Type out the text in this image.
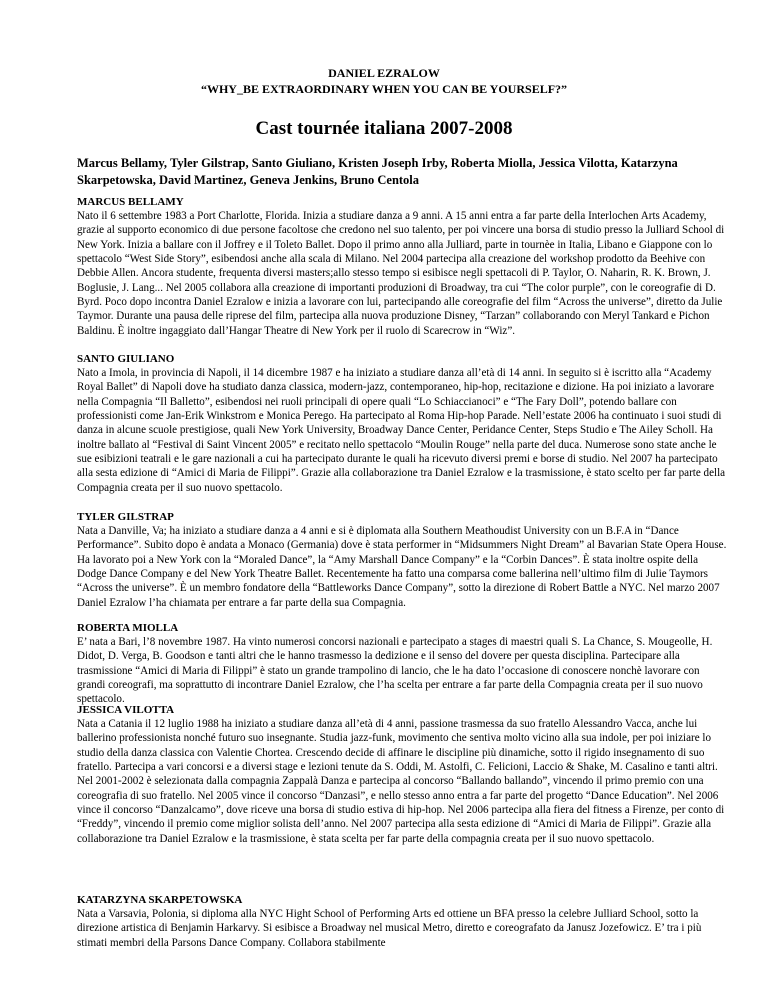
DANIEL EZRALOW
“WHY_BE EXTRAORDINARY WHEN YOU CAN BE YOURSELF?”
Cast tournée italiana 2007-2008
Marcus Bellamy, Tyler Gilstrap, Santo Giuliano, Kristen Joseph Irby, Roberta Miolla, Jessica Vilotta, Katarzyna Skarpetowska, David Martinez, Geneva Jenkins, Bruno Centola
MARCUS BELLAMY

Nato il 6 settembre 1983 a Port Charlotte, Florida. Inizia a studiare danza a 9 anni. A 15 anni entra a far parte della Interlochen Arts Academy, grazie al supporto economico di due persone facoltose che credono nel suo talento, per poi vincere una borsa di studio presso la Julliard School di New York. Inizia a ballare con il Joffrey e il Toleto Ballet. Dopo il primo anno alla Julliard, parte in tournèe in Italia, Libano e Giappone con lo spettacolo “West Side Story”, esibendosi anche alla scala di Milano. Nel 2004 partecipa alla creazione del workshop prodotto da Beehive con Debbie Allen. Ancora studente, frequenta diversi masters;allo stesso tempo si esibisce negli spettacoli di P. Taylor, O. Naharin, R. K. Brown, J. Boglusie, J. Lang... Nel 2005 collabora alla creazione di importanti produzioni di Broadway, tra cui “The color purple”, con le coreografie di D. Byrd. Poco dopo incontra Daniel Ezralow e inizia a lavorare con lui, partecipando alle coreografie del film “Across the universe”, diretto da Julie Taymor. Durante una pausa delle riprese del film, partecipa alla nuova produzione Disney, “Tarzan” collaborando con Meryl Tankard e Pichon Baldinu. È inoltre ingaggiato dall’Hangar Theatre di New York per il ruolo di Scarecrow in “Wiz”.

SANTO GIULIANO

Nato a Imola, in provincia di Napoli, il 14 dicembre 1987 e ha iniziato a studiare danza all’età di 14 anni. In seguito si è iscritto alla “Academy Royal Ballet” di Napoli dove ha studiato danza classica, modern-jazz, contemporaneo, hip-hop, recitazione e dizione. Ha poi iniziato a lavorare nella Compagnia “Il Balletto”, esibendosi nei ruoli principali di opere quali “Lo Schiaccianoci” e “The Fary Doll”, potendo ballare con professionisti come Jan-Erik Winkstrom e Monica Perego. Ha partecipato al Roma Hip-hop Parade. Nell’estate 2006 ha continuato i suoi studi di danza in alcune scuole prestigiose, quali New York University, Broadway Dance Center, Peridance Center, Steps Studio e The Ailey Scholl. Ha inoltre ballato al “Festival di Saint Vincent 2005” e recitato nello spettacolo “Moulin Rouge” nella parte del duca. Numerose sono state anche le sue esibizioni teatrali e le gare nazionali a cui ha partecipato durante le quali ha ricevuto diversi premi e borse di studio. Nel 2007 ha partecipato alla sesta edizione di “Amici di Maria de Filippi”. Grazie alla collaborazione tra Daniel Ezralow e la trasmissione, è stato scelto per far parte della Compagnia creata per il suo nuovo spettacolo.

TYLER GILSTRAP

Nata a Danville, Va; ha iniziato a studiare danza a 4 anni e si è diplomata alla Southern Meathoudist University con un B.F.A in “Dance Performance”. Subito dopo è andata a Monaco (Germania) dove è stata performer in “Midsummers Night Dream” al Bavarian State Opera House. Ha lavorato poi a New York con la “Moraled Dance”, la “Amy Marshall Dance Company” e la “Corbin Dances”. È stata inoltre ospite della Dodge Dance Company e del New York Theatre Ballet. Recentemente ha fatto una comparsa come ballerina nell’ultimo film di Julie Taymors “Across the universe”. È un membro fondatore della “Battleworks Dance Company”, sotto la direzione di Robert Battle a NYC. Nel marzo 2007 Daniel Ezralow l’ha chiamata per entrare a far parte della sua Compagnia.

ROBERTA MIOLLA

E’ nata a Bari, l’8 novembre 1987. Ha vinto numerosi concorsi nazionali e partecipato a stages di maestri quali S. La Chance, S. Mougeolle, H. Didot, D. Verga, B. Goodson e tanti altri che le hanno trasmesso la dedizione e il senso del dovere per questa disciplina. Partecipare alla trasmissione “Amici di Maria di Filippi” è stato un grande trampolino di lancio, che le ha dato l’occasione di conoscere nonchè lavorare con grandi coreografi, ma soprattutto di incontrare Daniel Ezralow, che l’ha scelta per entrare a far parte della Compagnia creata per il suo nuovo spettacolo.

JESSICA VILOTTA

Nata a Catania il 12 luglio 1988 ha iniziato a studiare danza all’età di 4 anni, passione trasmessa da suo fratello Alessandro Vacca, anche lui ballerino professionista nonché futuro suo insegnante. Studia jazz-funk, movimento che sentiva molto vicino alla sua indole, per poi iniziare lo studio della danza classica con Valentie Chortea. Crescendo decide di affinare le discipline più dinamiche, sotto il rigido insegnamento di suo fratello. Partecipa a vari concorsi e a diversi stage e lezioni tenute da S. Oddi, M. Astolfi, C. Felicioni, Laccio & Shake, M. Casalino e tanti altri. Nel 2001-2002 è selezionata dalla compagnia Zappalà Danza e partecipa al concorso “Ballando ballando”, vincendo il primo premio con una coreografia di suo fratello. Nel 2005 vince il concorso “Danzasi”, e nello stesso anno entra a far parte del progetto “Dance Education”. Nel 2006 vince il concorso “Danzalcamo”, dove riceve una borsa di studio estiva di hip-hop. Nel 2006 partecipa alla fiera del fitness a Firenze, per conto di “Freddy”, vincendo il premio come miglior solista dell’anno. Nel 2007 partecipa alla sesta edizione di “Amici di Maria de Filippi”. Grazie alla collaborazione tra Daniel Ezralow e la trasmissione, è stata scelta per far parte della compagnia creata per il suo nuovo spettacolo.

KATARZYNA SKARPETOWSKA

Nata a Varsavia, Polonia, si diploma alla NYC Hight School of Performing Arts ed ottiene un BFA presso la celebre Julliard School, sotto la direzione artistica di Benjamin Harkarvy. Si esibisce a Broadway nel musical Metro, diretto e coreografato da Janusz Jozefowicz. E’ tra i più stimati membri della Parsons Dance Company. Collabora stabilmente
